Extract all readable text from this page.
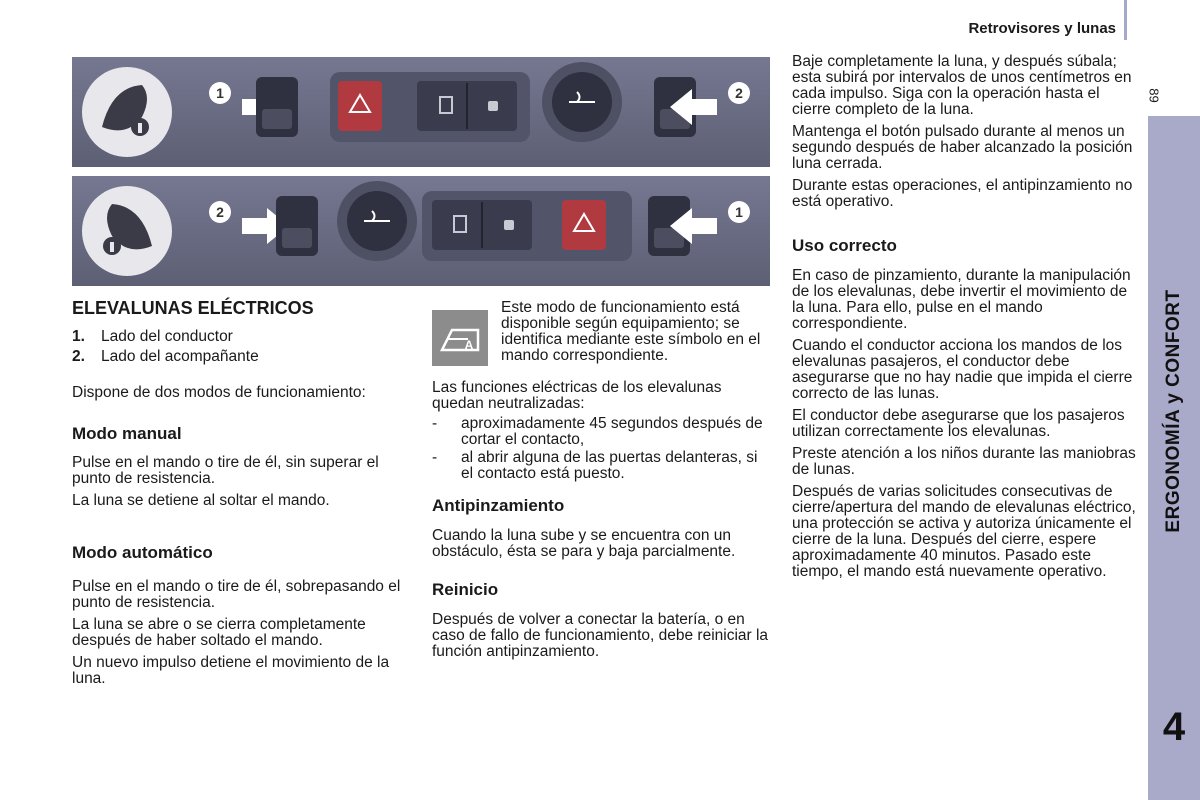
Retrovisores y lunas
89
ERGONOMÍA y CONFORT
4
1	2
2	1
ELEVALUNAS ELÉCTRICOS
1.	Lado del conductor
2.	Lado del acompañante

Dispone de dos modos de funcionamiento:

Modo manual

Pulse en el mando o tire de él, sin superar el punto de resistencia.

La luna se detiene al soltar el mando.

Modo automático

Pulse en el mando o tire de él, sobrepasando el punto de resistencia.

La luna se abre o se cierra completamente después de haber soltado el mando.

Un nuevo impulso detiene el movimiento de la luna.

A

Este modo de funcionamiento está disponible según equipamiento; se identifica mediante este símbolo en el mando correspondiente.

Las funciones eléctricas de los elevalunas quedan neutralizadas:

-	aproximadamente 45 segundos después de cortar el contacto,
-	al abrir alguna de las puertas delanteras, si el contacto está puesto.
Antipinzamiento

Cuando la luna sube y se encuentra con un obstáculo, ésta se para y baja parcialmente.

Reinicio

Después de volver a conectar la batería, o en caso de fallo de funcionamiento, debe reiniciar la función antipinzamiento.

Baje completamente la luna, y después súbala; esta subirá por intervalos de unos centímetros en cada impulso. Siga con la operación hasta el cierre completo de la luna.

Mantenga el botón pulsado durante al menos un segundo después de haber alcanzado la posición luna cerrada.

Durante estas operaciones, el antipinzamiento no está operativo.

Uso correcto

En caso de pinzamiento, durante la manipulación de los elevalunas, debe invertir el movimiento de la luna. Para ello, pulse en el mando correspondiente.

Cuando el conductor acciona los mandos de los elevalunas pasajeros, el conductor debe asegurarse que no hay nadie que impida el cierre correcto de las lunas.

El conductor debe asegurarse que los pasajeros utilizan correctamente los elevalunas.

Preste atención a los niños durante las maniobras de lunas.

Después de varias solicitudes consecutivas de cierre/apertura del mando de elevalunas eléctrico, una protección se activa y autoriza únicamente el cierre de la luna. Después del cierre, espere aproximadamente 40 minutos. Pasado este tiempo, el mando está nuevamente operativo.
